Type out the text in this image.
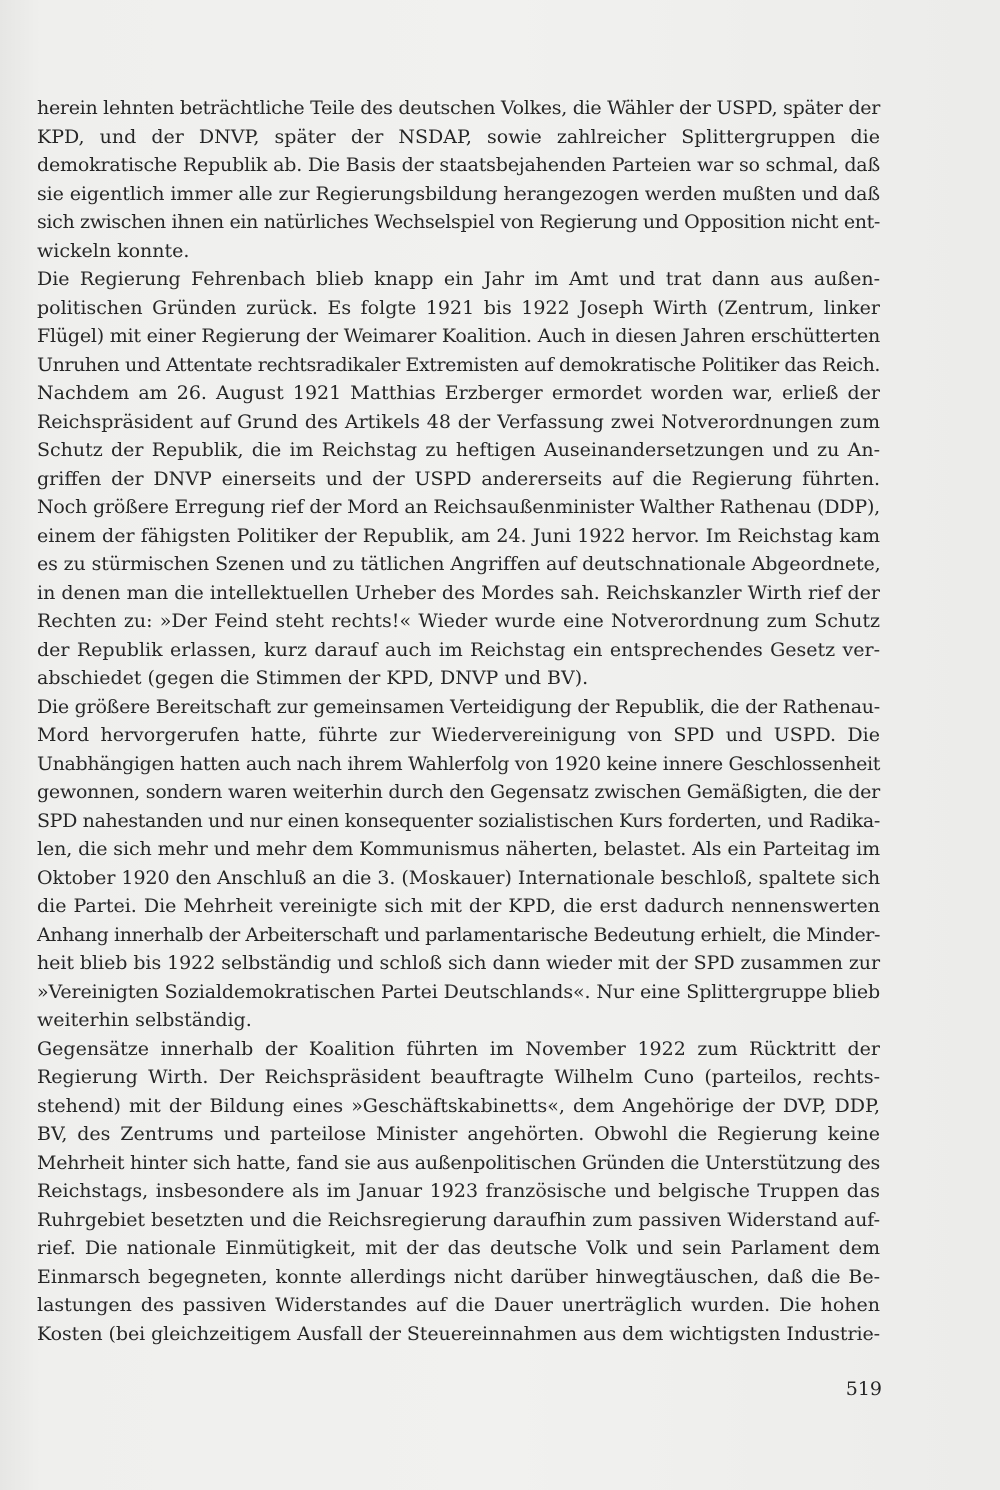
herein lehnten beträchtliche Teile des deutschen Volkes, die Wähler der USPD, später der
KPD, und der DNVP, später der NSDAP, sowie zahlreicher Splittergruppen die
demokratische Republik ab. Die Basis der staatsbejahenden Parteien war so schmal, daß
sie eigentlich immer alle zur Regierungsbildung herangezogen werden mußten und daß
sich zwischen ihnen ein natürliches Wechselspiel von Regierung und Opposition nicht ent-
wickeln konnte.
Die Regierung Fehrenbach blieb knapp ein Jahr im Amt und trat dann aus außen-
politischen Gründen zurück. Es folgte 1921 bis 1922 Joseph Wirth (Zentrum, linker
Flügel) mit einer Regierung der Weimarer Koalition. Auch in diesen Jahren erschütterten
Unruhen und Attentate rechtsradikaler Extremisten auf demokratische Politiker das Reich.
Nachdem am 26. August 1921 Matthias Erzberger ermordet worden war, erließ der
Reichspräsident auf Grund des Artikels 48 der Verfassung zwei Notverordnungen zum
Schutz der Republik, die im Reichstag zu heftigen Auseinandersetzungen und zu An-
griffen der DNVP einerseits und der USPD andererseits auf die Regierung führten.
Noch größere Erregung rief der Mord an Reichsaußenminister Walther Rathenau (DDP),
einem der fähigsten Politiker der Republik, am 24. Juni 1922 hervor. Im Reichstag kam
es zu stürmischen Szenen und zu tätlichen Angriffen auf deutschnationale Abgeordnete,
in denen man die intellektuellen Urheber des Mordes sah. Reichskanzler Wirth rief der
Rechten zu: »Der Feind steht rechts!« Wieder wurde eine Notverordnung zum Schutz
der Republik erlassen, kurz darauf auch im Reichstag ein entsprechendes Gesetz ver-
abschiedet (gegen die Stimmen der KPD, DNVP und BV).
Die größere Bereitschaft zur gemeinsamen Verteidigung der Republik, die der Rathenau-
Mord hervorgerufen hatte, führte zur Wiedervereinigung von SPD und USPD. Die
Unabhängigen hatten auch nach ihrem Wahlerfolg von 1920 keine innere Geschlossenheit
gewonnen, sondern waren weiterhin durch den Gegensatz zwischen Gemäßigten, die der
SPD nahestanden und nur einen konsequenter sozialistischen Kurs forderten, und Radika-
len, die sich mehr und mehr dem Kommunismus näherten, belastet. Als ein Parteitag im
Oktober 1920 den Anschluß an die 3. (Moskauer) Internationale beschloß, spaltete sich
die Partei. Die Mehrheit vereinigte sich mit der KPD, die erst dadurch nennenswerten
Anhang innerhalb der Arbeiterschaft und parlamentarische Bedeutung erhielt, die Minder-
heit blieb bis 1922 selbständig und schloß sich dann wieder mit der SPD zusammen zur
»Vereinigten Sozialdemokratischen Partei Deutschlands«. Nur eine Splittergruppe blieb
weiterhin selbständig.
Gegensätze innerhalb der Koalition führten im November 1922 zum Rücktritt der
Regierung Wirth. Der Reichspräsident beauftragte Wilhelm Cuno (parteilos, rechts-
stehend) mit der Bildung eines »Geschäftskabinetts«, dem Angehörige der DVP, DDP,
BV, des Zentrums und parteilose Minister angehörten. Obwohl die Regierung keine
Mehrheit hinter sich hatte, fand sie aus außenpolitischen Gründen die Unterstützung des
Reichstags, insbesondere als im Januar 1923 französische und belgische Truppen das
Ruhrgebiet besetzten und die Reichsregierung daraufhin zum passiven Widerstand auf-
rief. Die nationale Einmütigkeit, mit der das deutsche Volk und sein Parlament dem
Einmarsch begegneten, konnte allerdings nicht darüber hinwegtäuschen, daß die Be-
lastungen des passiven Widerstandes auf die Dauer unerträglich wurden. Die hohen
Kosten (bei gleichzeitigem Ausfall der Steuereinnahmen aus dem wichtigsten Industrie-
519
